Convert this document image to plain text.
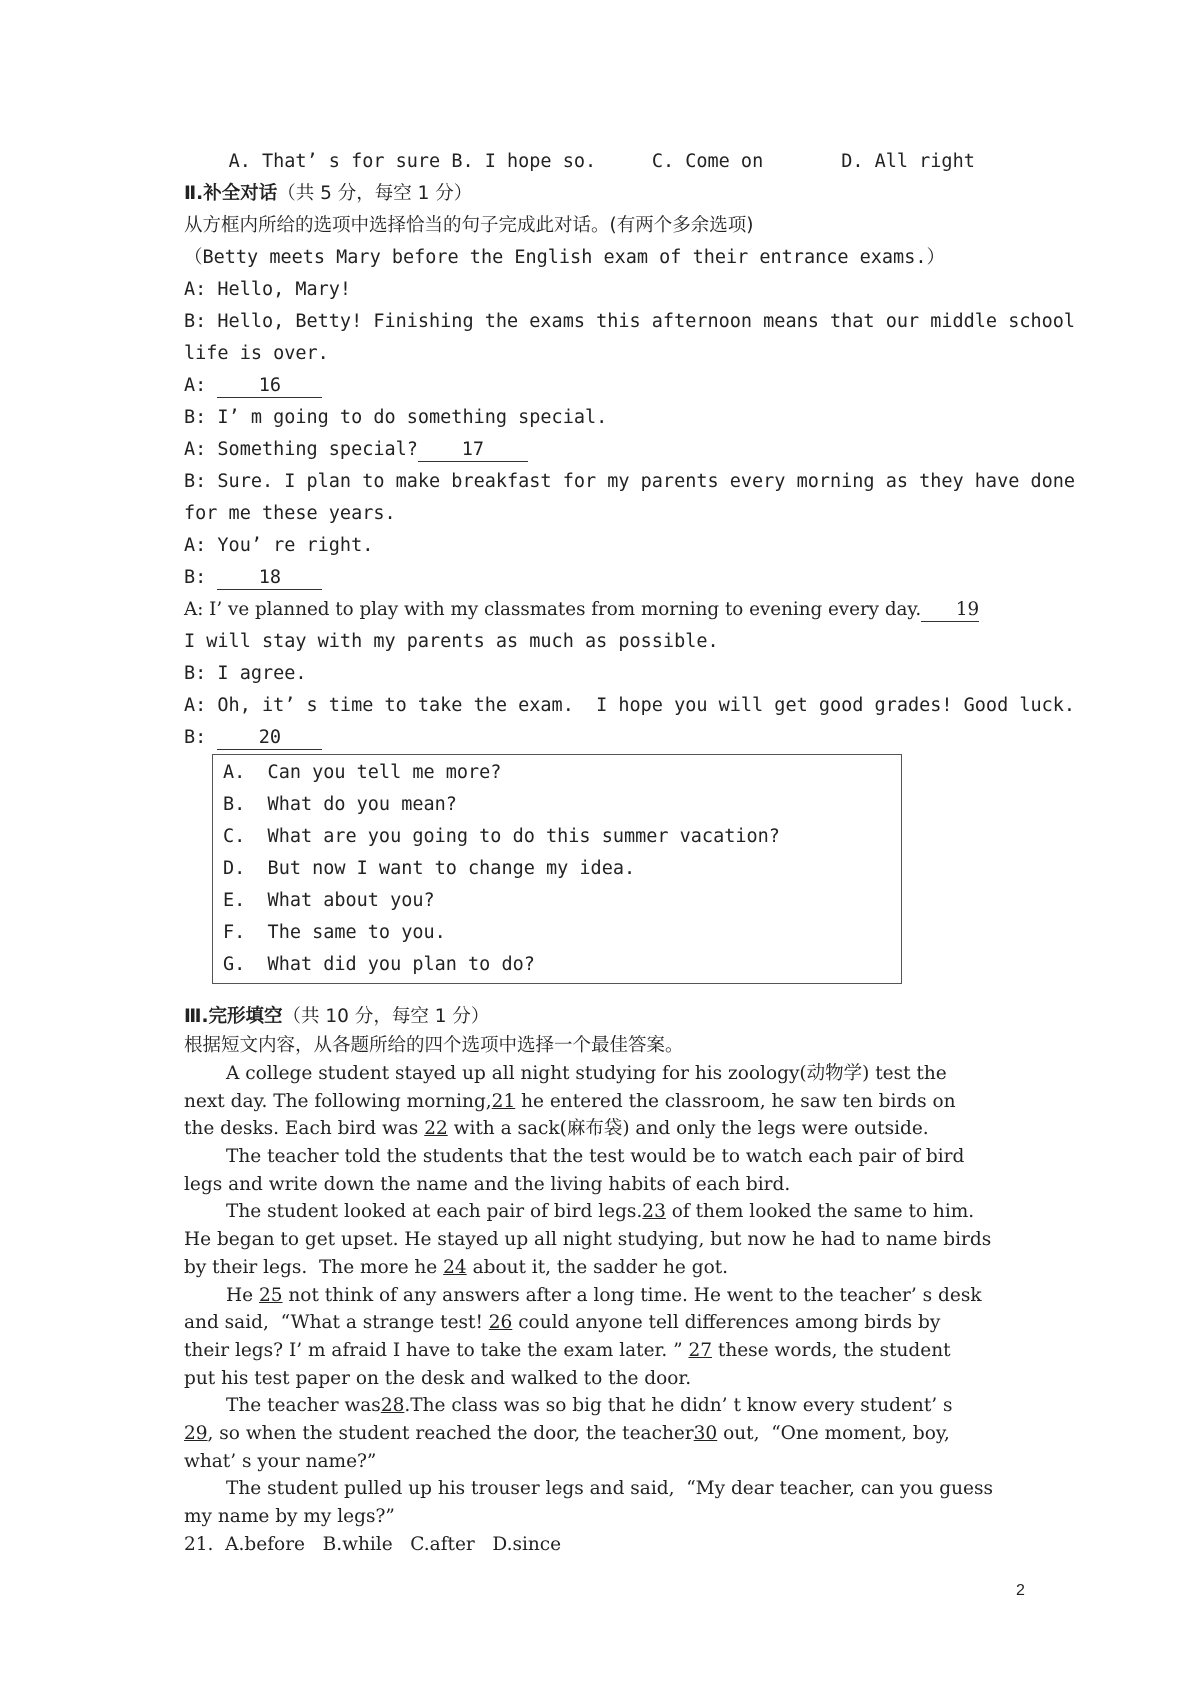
A. That’ s for sure B. I hope so.	C. Come on	D. All right
Ⅱ.补全对话（共 5 分，每空 1 分）
从方框内所给的选项中选择恰当的句子完成此对话。(有两个多余选项)
（Betty meets Mary before the English exam of their entrance exams.）
A: Hello, Mary!
B: Hello, Betty! Finishing the exams this afternoon means that our middle school
life is over.
A: 16
B: I’ m going to do something special.
A: Something special? 17
B: Sure. I plan to make breakfast for my parents every morning as they have done
for me these years.
A: You’ re right.
B: 18
A: I’ ve planned to play with my classmates from morning to evening every day. 19
I will stay with my parents as much as possible.
B: I agree.
A: Oh, it’ s time to take the exam.  I hope you will get good grades! Good luck.
B: 20
A.  Can you tell me more?
B.  What do you mean?
C.  What are you going to do this summer vacation?
D.  But now I want to change my idea.
E.  What about you?
F.  The same to you.
G.  What did you plan to do?
Ⅲ.完形填空（共 10 分，每空 1 分）
根据短文内容，从各题所给的四个选项中选择一个最佳答案。
A college student stayed up all night studying for his zoology(动物学) test the
next day. The following morning,21 he entered the classroom, he saw ten birds on
the desks. Each bird was 22 with a sack(麻布袋) and only the legs were outside.
The teacher told the students that the test would be to watch each pair of bird
legs and write down the name and the living habits of each bird.
The student looked at each pair of bird legs.23 of them looked the same to him.
He began to get upset. He stayed up all night studying, but now he had to name birds
by their legs.  The more he 24 about it, the sadder he got.
He 25 not think of any answers after a long time. He went to the teacher’ s desk
and said,  “What a strange test! 26 could anyone tell differences among birds by
their legs? I’ m afraid I have to take the exam later. ” 27 these words, the student
put his test paper on the desk and walked to the door.
The teacher was28.The class was so big that he didn’ t know every student’ s
29, so when the student reached the door, the teacher30 out,  “One moment, boy,
what’ s your name?”
The student pulled up his trouser legs and said,  “My dear teacher, can you guess
my name by my legs?”
21.  A.before   B.while   C.after   D.since
2
